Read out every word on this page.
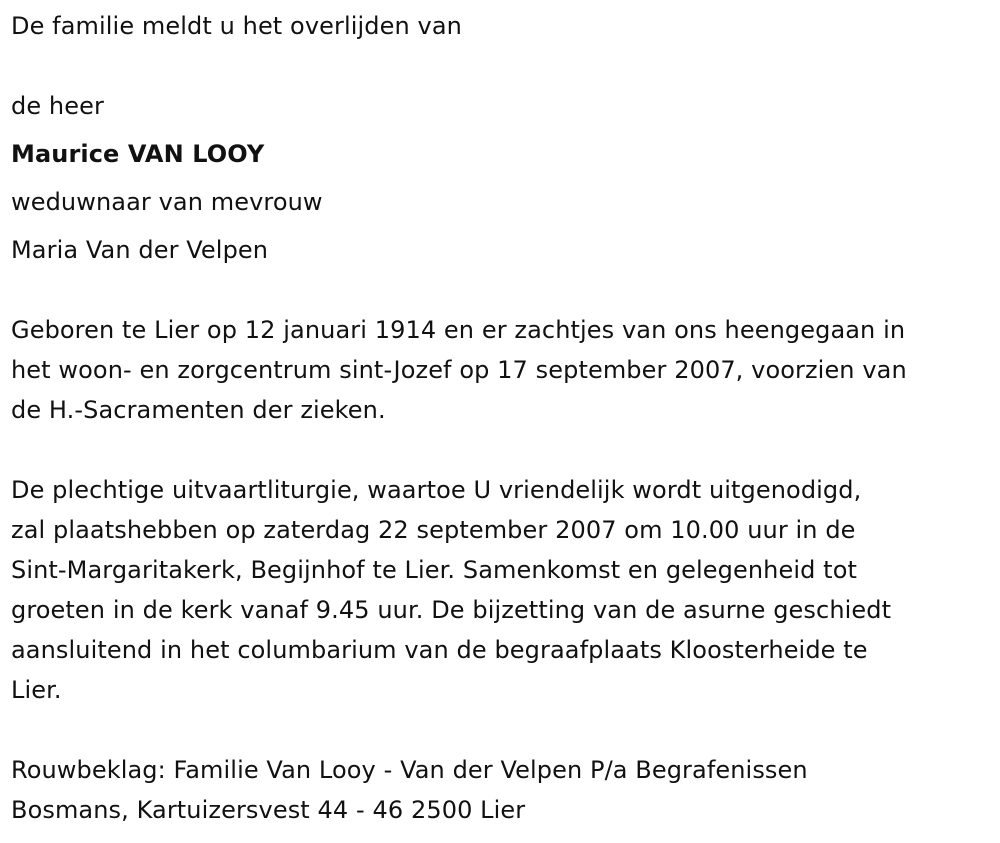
De familie meldt u het overlijden van
de heer
Maurice VAN LOOY
weduwnaar van mevrouw
Maria Van der Velpen
Geboren te Lier op 12 januari 1914 en er zachtjes van ons heengegaan in
het woon- en zorgcentrum sint-Jozef op 17 september 2007, voorzien van
de H.-Sacramenten der zieken.
De plechtige uitvaartliturgie, waartoe U vriendelijk wordt uitgenodigd,
zal plaatshebben op zaterdag 22 september 2007 om 10.00 uur in de
Sint-Margaritakerk, Begijnhof te Lier. Samenkomst en gelegenheid tot
groeten in de kerk vanaf 9.45 uur. De bijzetting van de asurne geschiedt
aansluitend in het columbarium van de begraafplaats Kloosterheide te
Lier.
Rouwbeklag: Familie Van Looy - Van der Velpen P/a Begrafenissen
Bosmans, Kartuizersvest 44 - 46 2500 Lier
